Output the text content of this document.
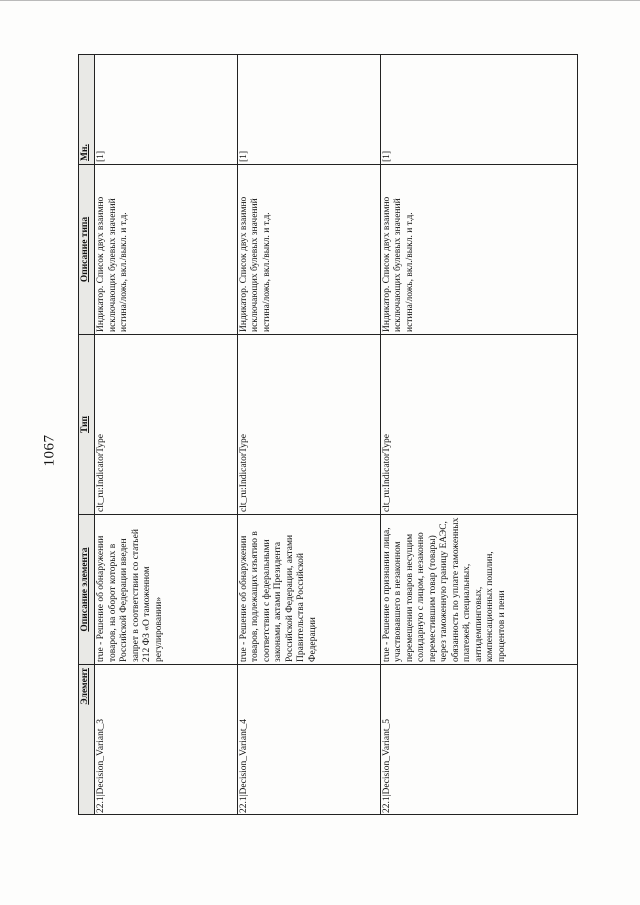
1067
Элемент	Описание элемента	Тип	Описание типа	Мн.
22.1|Decision_Variant_3	true - Решение об обнаружении товаров, на оборот которых в Российской Федерации введен запрет в соответствии со статьей 212 ФЗ «О таможенном регулировании»	clt_ru:IndicatorType	Индикатор. Список двух взаимно исключающих булевых значений истина/ложь, вкл./выкл. и т.д.	[1]
22.1|Decision_Variant_4	true - Решение об обнаружении товаров, подлежащих изъятию в соответствии с федеральными законами, актами Президента Российской Федерации, актами Правительства Российской Федерации	clt_ru:IndicatorType	Индикатор. Список двух взаимно исключающих булевых значений истина/ложь, вкл./выкл. и т.д.	[1]
22.1|Decision_Variant_5	true - Решение о признании лица, участвовавшего в незаконном перемещении товаров несущим солидарную с лицом, незаконно переместившим товар (товары) через таможенную границу ЕАЭС, обязанность по уплате таможенных платежей, специальных, антидемпинговых, компенсационных пошлин, процентов и пени	clt_ru:IndicatorType	Индикатор. Список двух взаимно исключающих булевых значений истина/ложь, вкл./выкл. и т.д.	[1]
